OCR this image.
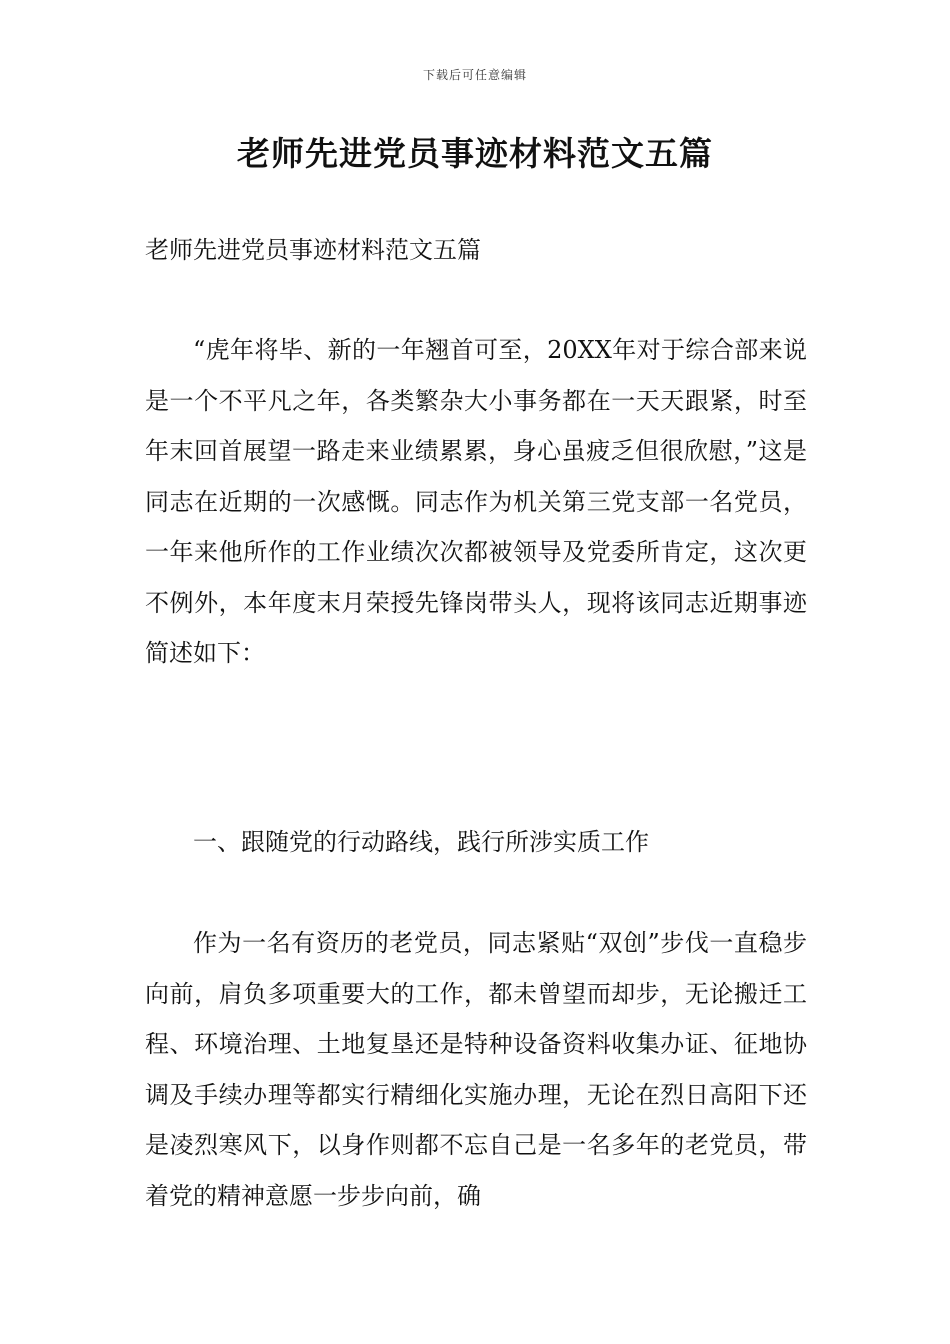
下载后可任意编辑
老师先进党员事迹材料范文五篇

老师先进党员事迹材料范文五篇

“虎年将毕、新的一年翘首可至，20XX年对于综合部来说是一个不平凡之年，各类繁杂大小事务都在一天天跟紧，时至年末回首展望一路走来业绩累累，身心虽疲乏但很欣慰，”这是同志在近期的一次感慨。同志作为机关第三党支部一名党员，一年来他所作的工作业绩次次都被领导及党委所肯定，这次更不例外，本年度末月荣授先锋岗带头人，现将该同志近期事迹简述如下：

一、跟随党的行动路线，践行所涉实质工作

作为一名有资历的老党员，同志紧贴“双创”步伐一直稳步向前，肩负多项重要大的工作，都未曾望而却步，无论搬迁工程、环境治理、土地复垦还是特种设备资料收集办证、征地协调及手续办理等都实行精细化实施办理，无论在烈日高阳下还是凌烈寒风下，以身作则都不忘自己是一名多年的老党员，带着党的精神意愿一步步向前，确
